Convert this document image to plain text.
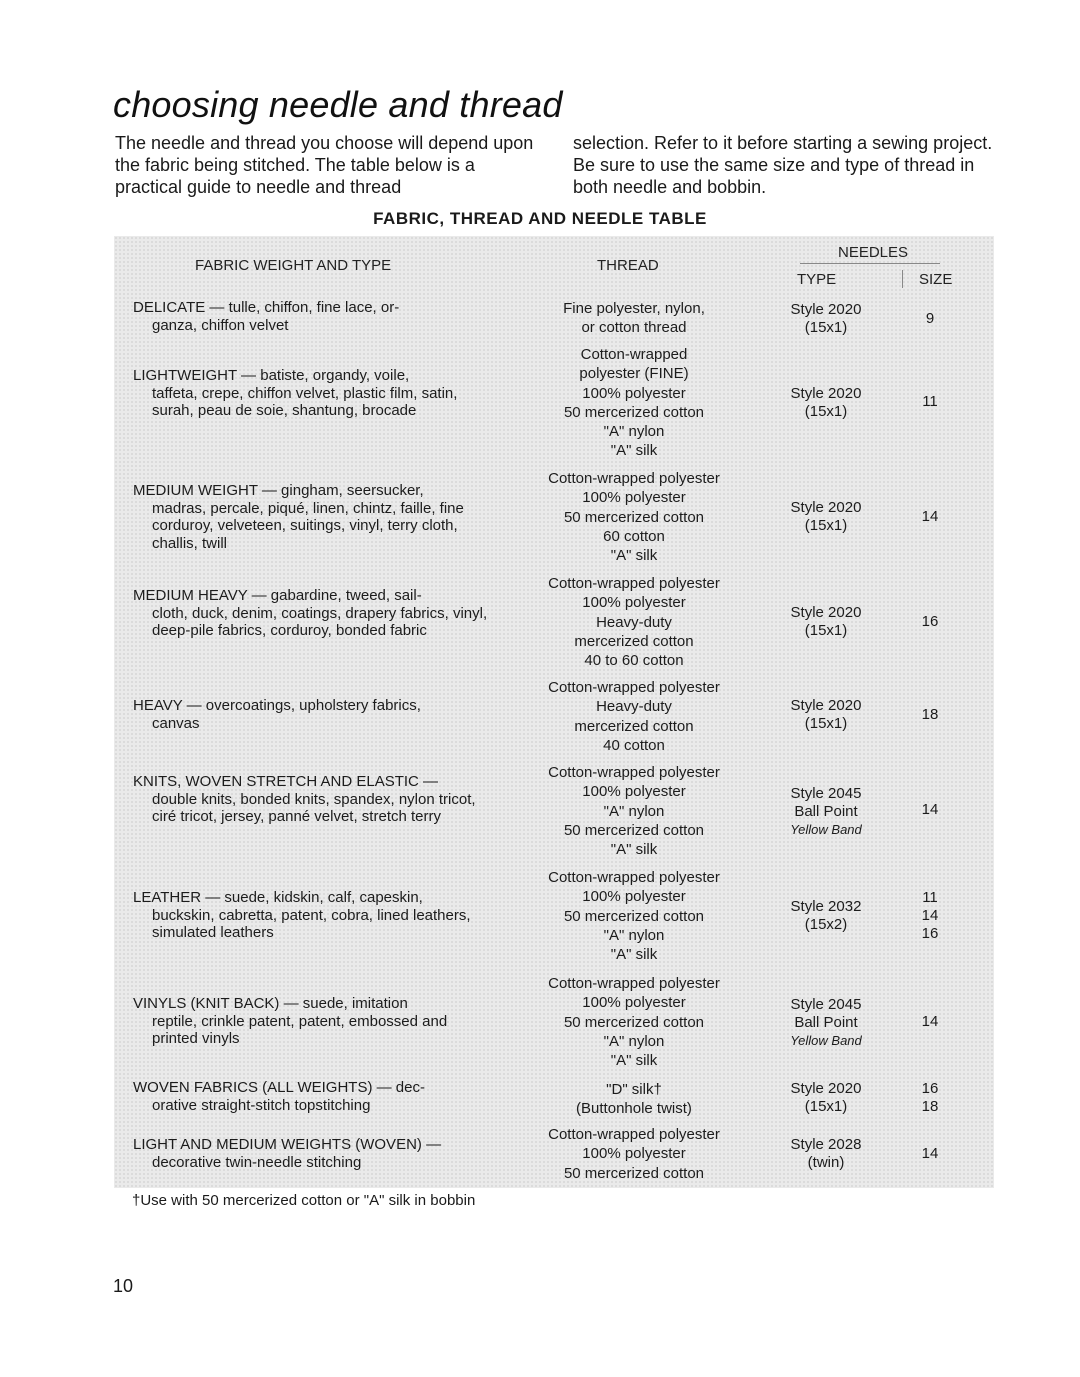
choosing needle and thread

The needle and thread you choose will depend upon the fabric being stitched. The table below is a practical guide to needle and thread

selection. Refer to it before starting a sewing project. Be sure to use the same size and type of thread in both needle and bobbin.

FABRIC, THREAD AND NEEDLE TABLE
FABRIC WEIGHT AND TYPE	THREAD
NEEDLES
TYPE	SIZE
DELICATE — tulle, chiffon, fine lace, or-
ganza, chiffon velvet
Fine polyester, nylon,
or cotton thread
Style 2020
(15x1)
9
LIGHTWEIGHT — batiste, organdy, voile,
taffeta, crepe, chiffon velvet, plastic film, satin, surah, peau de soie, shantung, brocade
Cotton-wrapped
polyester (FINE)
100% polyester
50 mercerized cotton
"A" nylon
"A" silk
Style 2020
(15x1)
11
MEDIUM WEIGHT — gingham, seersucker,
madras, percale, piqué, linen, chintz, faille, fine corduroy, velveteen, suitings, vinyl, terry cloth, challis, twill
Cotton-wrapped polyester
100% polyester
50 mercerized cotton
60 cotton
"A" silk
Style 2020
(15x1)
14
MEDIUM HEAVY — gabardine, tweed, sail-
cloth, duck, denim, coatings, drapery fabrics, vinyl, deep-pile fabrics, corduroy, bonded fabric
Cotton-wrapped polyester
100% polyester
Heavy-duty
mercerized cotton
40 to 60 cotton
Style 2020
(15x1)
16
HEAVY — overcoatings, upholstery fabrics,
canvas
Cotton-wrapped polyester
Heavy-duty
mercerized cotton
40 cotton
Style 2020
(15x1)
18
KNITS, WOVEN STRETCH AND ELASTIC —
double knits, bonded knits, spandex, nylon tricot, ciré tricot, jersey, panné velvet, stretch terry
Cotton-wrapped polyester
100% polyester
"A" nylon
50 mercerized cotton
"A" silk
Style 2045
Ball Point
Yellow Band
14
LEATHER — suede, kidskin, calf, capeskin,
buckskin, cabretta, patent, cobra, lined leathers, simulated leathers
Cotton-wrapped polyester
100% polyester
50 mercerized cotton
"A" nylon
"A" silk
Style 2032
(15x2)
11
14
16
VINYLS (KNIT BACK) — suede, imitation
reptile, crinkle patent, patent, embossed and printed vinyls
Cotton-wrapped polyester
100% polyester
50 mercerized cotton
"A" nylon
"A" silk
Style 2045
Ball Point
Yellow Band
14
WOVEN FABRICS (ALL WEIGHTS) — dec-
orative straight-stitch topstitching
"D" silk†
(Buttonhole twist)
Style 2020
(15x1)
16
18
LIGHT AND MEDIUM WEIGHTS (WOVEN) —
decorative twin-needle stitching
Cotton-wrapped polyester
100% polyester
50 mercerized cotton
Style 2028
(twin)
14

†Use with 50 mercerized cotton or "A" silk in bobbin

10
